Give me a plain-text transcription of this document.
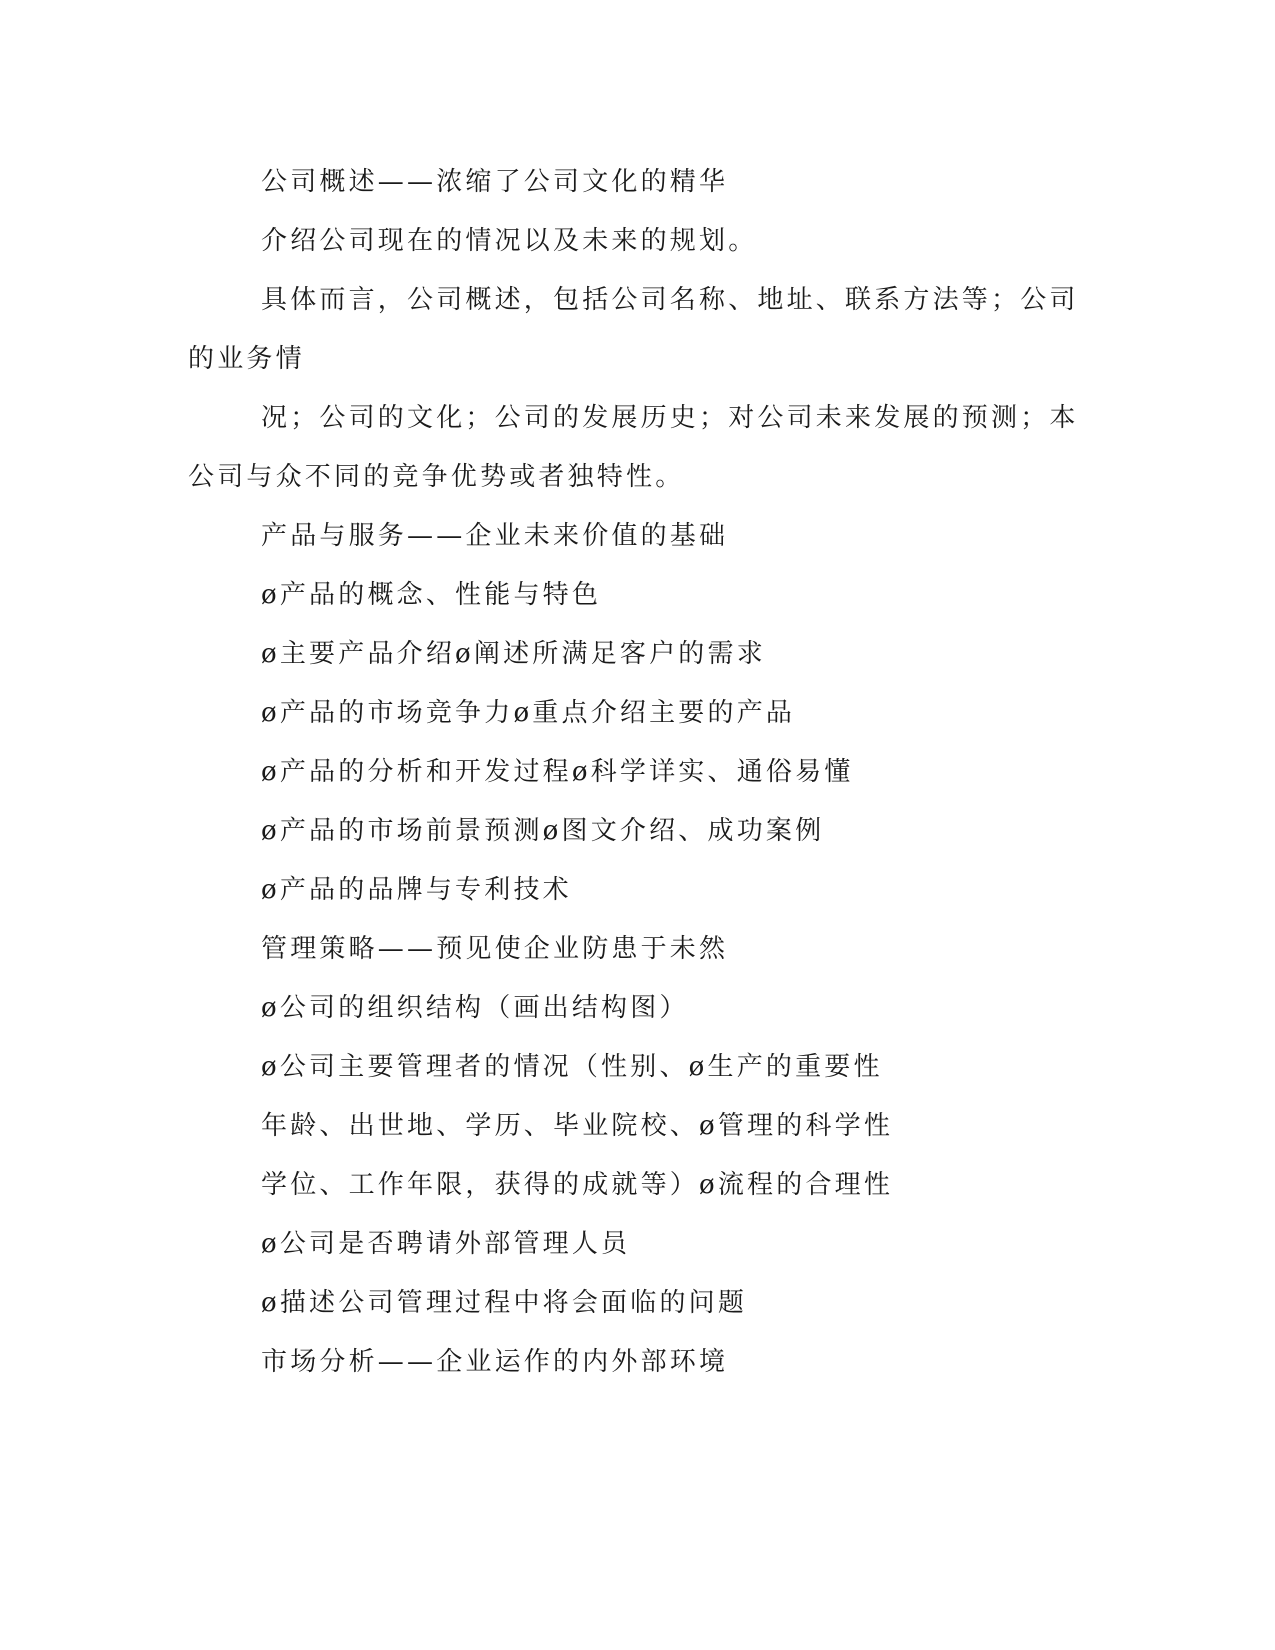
公司概述——浓缩了公司文化的精华
介绍公司现在的情况以及未来的规划。
具体而言，公司概述，包括公司名称、地址、联系方法等；公司
的业务情
况；公司的文化；公司的发展历史；对公司未来发展的预测；本
公司与众不同的竞争优势或者独特性。
产品与服务——企业未来价值的基础
ø产品的概念、性能与特色
ø主要产品介绍ø阐述所满足客户的需求
ø产品的市场竞争力ø重点介绍主要的产品
ø产品的分析和开发过程ø科学详实、通俗易懂
ø产品的市场前景预测ø图文介绍、成功案例
ø产品的品牌与专利技术
管理策略——预见使企业防患于未然
ø公司的组织结构（画出结构图）
ø公司主要管理者的情况（性别、ø生产的重要性
年龄、出世地、学历、毕业院校、ø管理的科学性
学位、工作年限，获得的成就等）ø流程的合理性
ø公司是否聘请外部管理人员
ø描述公司管理过程中将会面临的问题
市场分析——企业运作的内外部环境
